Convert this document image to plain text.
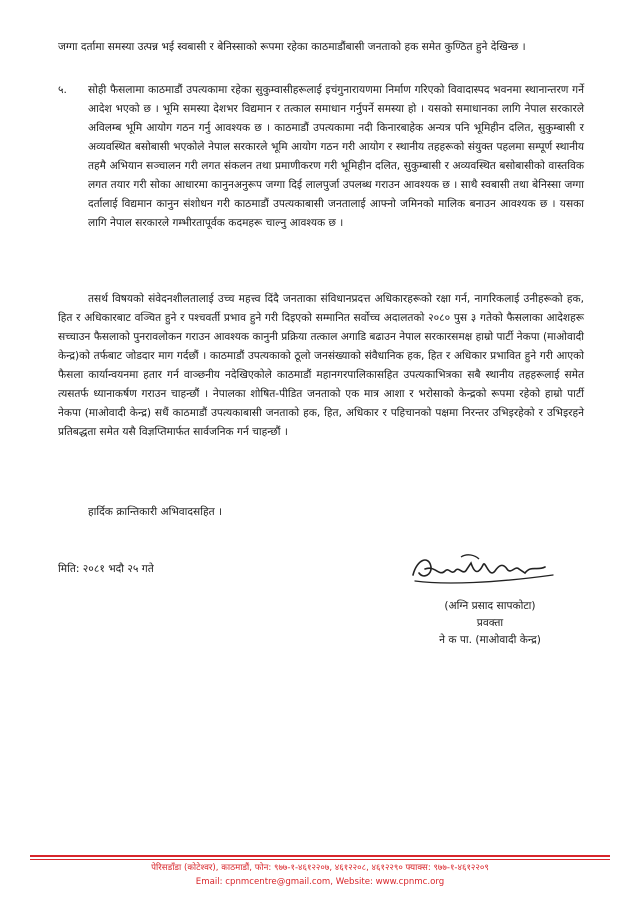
जग्गा दर्तामा समस्या उत्पन्न भई स्वबासी र बेनिस्साको रूपमा रहेका काठमाडौंबासी जनताको हक समेत कुण्ठित हुने देखिन्छ ।

५. सोही फैसलामा काठमाडौं उपत्यकामा रहेका सुकुम्वासीहरूलाई इचंगुनारायणमा निर्माण गरिएको विवादास्पद भवनमा स्थानान्तरण गर्ने आदेश भएको छ । भूमि समस्या देशभर विद्यमान र तत्काल समाधान गर्नुपर्ने समस्या हो । यसको समाधानका लागि नेपाल सरकारले अविलम्ब भूमि आयोग गठन गर्नु आवश्यक छ । काठमाडौं उपत्यकामा नदी किनारबाहेक अन्यत्र पनि भूमिहीन दलित, सुकुम्बासी र अव्यवस्थित बसोबासी भएकोले नेपाल सरकारले भूमि आयोग गठन गरी आयोग र स्थानीय तहहरूको संयुक्त पहलमा सम्पूर्ण स्थानीय तहमै अभियान सञ्चालन गरी लगत संकलन तथा प्रमाणीकरण गरी भूमिहीन दलित, सुकुम्बासी र अव्यवस्थित बसोबासीको वास्तविक लगत तयार गरी सोका आधारमा कानुनअनुरूप जग्गा दिई लालपुर्जा उपलब्ध गराउन आवश्यक छ । साथै स्वबासी तथा बेनिस्सा जग्गा दर्तालाई विद्यमान कानुन संशोधन गरी काठमाडौं उपत्यकाबासी जनतालाई आफ्नो जमिनको मालिक बनाउन आवश्यक छ । यसका लागि नेपाल सरकारले गम्भीरतापूर्वक कदमहरू चाल्नु आवश्यक छ ।

तसर्थ विषयको संवेदनशीलतालाई उच्च महत्त्व दिंदै जनताका संविधानप्रदत्त अधिकारहरूको रक्षा गर्न, नागरिकलाई उनीहरूको हक, हित र अधिकारबाट वञ्चित हुने र पश्चवर्ती प्रभाव हुने गरी दिइएको सम्मानित सर्वोच्च अदालतको २०८० पुस ३ गतेको फैसलाका आदेशहरू सच्चाउन फैसलाको पुनरावलोकन गराउन आवश्यक कानुनी प्रक्रिया तत्काल अगाडि बढाउन नेपाल सरकारसमक्ष हाम्रो पार्टी नेकपा (माओवादी केन्द्र)को तर्फबाट जोडदार माग गर्दछौं । काठमाडौं उपत्यकाको ठूलो जनसंख्याको संवैधानिक हक, हित र अधिकार प्रभावित हुने गरी आएको फैसला कार्यान्वयनमा हतार गर्न वाञ्छनीय नदेखिएकोले काठमाडौं महानगरपालिकासहित उपत्यकाभित्रका सबै स्थानीय तहहरूलाई समेत त्यसतर्फ ध्यानाकर्षण गराउन चाहन्छौं । नेपालका शोषित-पीडित जनताको एक मात्र आशा र भरोसाको केन्द्रको रूपमा रहेको हाम्रो पार्टी नेकपा (माओवादी केन्द्र) सधैं काठमाडौं उपत्यकाबासी जनताको हक, हित, अधिकार र पहिचानको पक्षमा निरन्तर उभिइरहेको र उभिइरहने प्रतिबद्धता समेत यसै विज्ञप्तिमार्फत सार्वजनिक गर्न चाहन्छौं ।

हार्दिक क्रान्तिकारी अभिवादसहित ।
मिति: २०८१ भदौ २५ गते
(अग्नि प्रसाद सापकोटा)
प्रवक्ता
ने क पा. (माओवादी केन्द्र)
पेरिसडाँडा (कोटेश्वर), काठमाडौं, फोन: ९७७-१-४६१२२०७, ४६१२२०८, ४६१२२९० फ्याक्स: ९७७-१-४६१२२०९
Email: cpnmcentre@gmail.com, Website: www.cpnmc.org
